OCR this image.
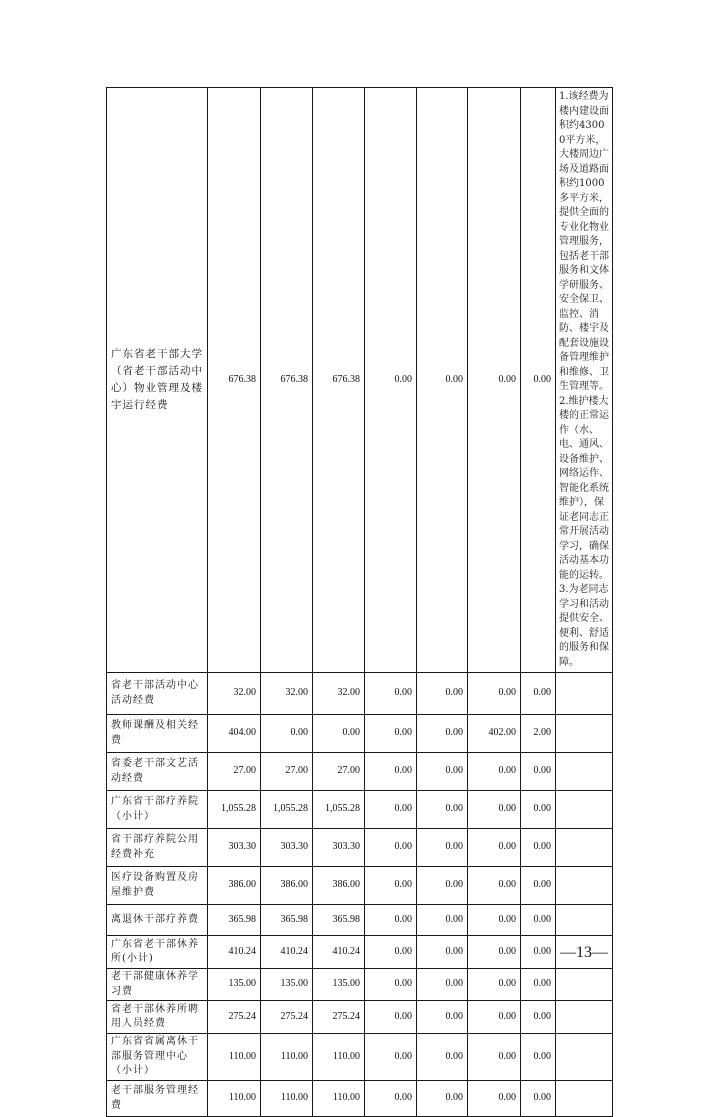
广东省老干部大学（省老干部活动中心）物业管理及楼宇运行经费	676.38	676.38	676.38	0.00	0.00	0.00	0.00	1.该经费为楼内建设面积约43000平方米，大楼周边广场及道路面积约1000多平方米，提供全面的专业化物业管理服务，包括老干部服务和文体学研服务、安全保卫、监控、消防、楼宇及配套设施设备管理维护和维修、卫生管理等。2.维护楼大楼的正常运作（水、电、通风、设备维护、网络运作、智能化系统维护），保证老同志正常开展活动学习，确保活动基本功能的运转。3.为老同志学习和活动提供安全、便利、舒适的服务和保障。
省老干部活动中心活动经费	32.00	32.00	32.00	0.00	0.00	0.00	0.00	
教师课酬及相关经费	404.00	0.00	0.00	0.00	0.00	402.00	2.00	
省委老干部文艺活动经费	27.00	27.00	27.00	0.00	0.00	0.00	0.00	
广东省干部疗养院（小计）	1,055.28	1,055.28	1,055.28	0.00	0.00	0.00	0.00	
省干部疗养院公用经费补充	303.30	303.30	303.30	0.00	0.00	0.00	0.00	
医疗设备购置及房屋维护费	386.00	386.00	386.00	0.00	0.00	0.00	0.00	
离退休干部疗养费	365.98	365.98	365.98	0.00	0.00	0.00	0.00	
广东省老干部休养所(小计)	410.24	410.24	410.24	0.00	0.00	0.00	0.00	
老干部健康休养学习费	135.00	135.00	135.00	0.00	0.00	0.00	0.00	
省老干部休养所聘用人员经费	275.24	275.24	275.24	0.00	0.00	0.00	0.00	
广东省省属离休干部服务管理中心（小计）	110.00	110.00	110.00	0.00	0.00	0.00	0.00	
老干部服务管理经费	110.00	110.00	110.00	0.00	0.00	0.00	0.00	
—13—
